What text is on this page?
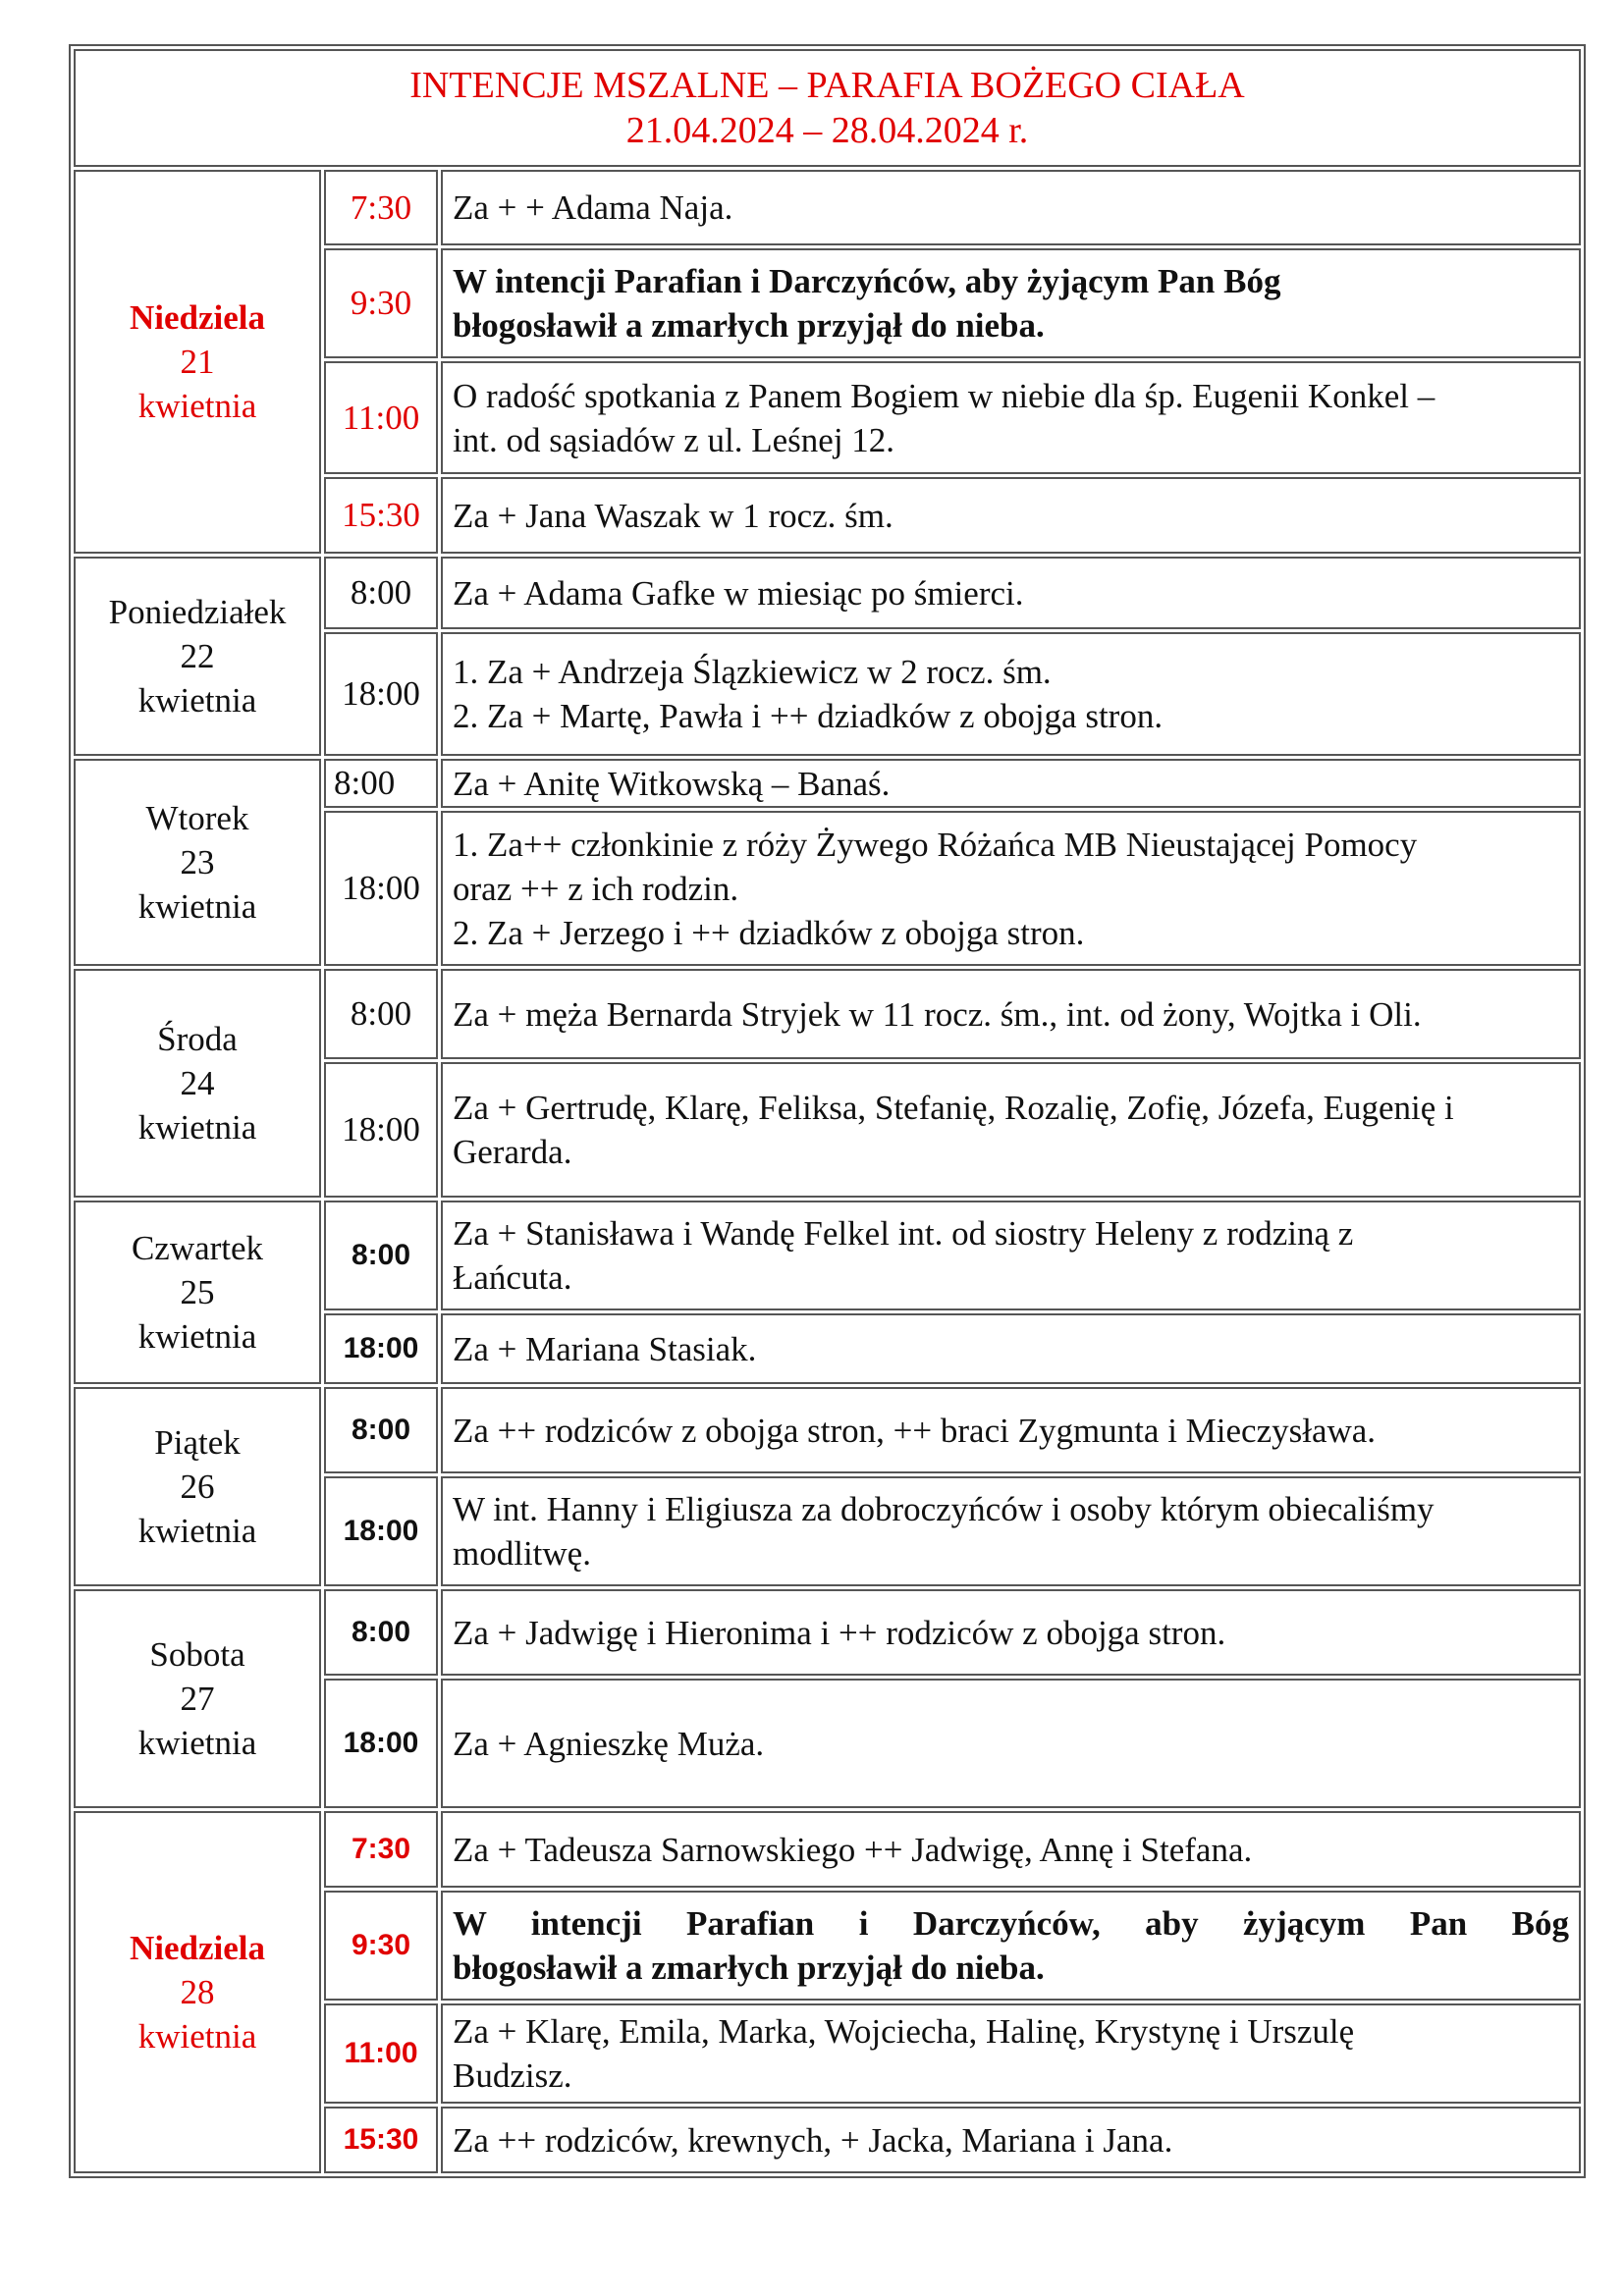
INTENCJE MSZALNE – PARAFIA BOŻEGO CIAŁA
21.04.2024 – 28.04.2024 r.		

Niedziela
21
kwietnia	7:30	Za + + Adama Naja.

	9:30	W intencji Parafian i Darczyńców, aby żyjącym Pan Bóg
błogosławił a zmarłych przyjął do nieba.

	11:00	O radość spotkania z Panem Bogiem w niebie dla śp. Eugenii Konkel –
int. od sąsiadów z ul. Leśnej 12.

	15:30	Za + Jana Waszak w 1 rocz. śm.

Poniedziałek
22
kwietnia	8:00	Za + Adama Gafke w miesiąc po śmierci.

	18:00	1. Za + Andrzeja Ślązkiewicz w 2 rocz. śm.
2. Za + Martę, Pawła i ++ dziadków z obojga stron.

Wtorek
23
kwietnia	8:00	Za + Anitę Witkowską – Banaś.

	18:00	1. Za++ członkinie z róży Żywego Różańca MB Nieustającej Pomocy
oraz ++ z ich rodzin.
2. Za + Jerzego i ++ dziadków z obojga stron.

Środa
24
kwietnia	8:00	Za + męża Bernarda Stryjek w 11 rocz. śm., int. od żony, Wojtka i Oli.

	18:00	Za + Gertrudę, Klarę, Feliksa, Stefanię, Rozalię, Zofię, Józefa, Eugenię i
Gerarda.

Czwartek
25
kwietnia	8:00	Za + Stanisława i Wandę Felkel int. od siostry Heleny z rodziną z
Łańcuta.

	18:00	Za + Mariana Stasiak.

Piątek
26
kwietnia	8:00	Za ++ rodziców z obojga stron, ++ braci Zygmunta i Mieczysława.

	18:00	W int. Hanny i Eligiusza za dobroczyńców i osoby którym obiecaliśmy
modlitwę.

Sobota
27
kwietnia	8:00	Za + Jadwigę i Hieronima i ++ rodziców z obojga stron.

	18:00	Za + Agnieszkę Muża.

Niedziela
28
kwietnia	7:30	Za + Tadeusza Sarnowskiego ++ Jadwigę, Annę i Stefana.

	9:30	W intencji Parafian i Darczyńców, aby żyjącym Pan Bóg
błogosławił a zmarłych przyjął do nieba.

	11:00	Za + Klarę, Emila, Marka, Wojciecha, Halinę, Krystynę i Urszulę
Budzisz.

	15:30	Za ++ rodziców, krewnych, + Jacka, Mariana i Jana.
